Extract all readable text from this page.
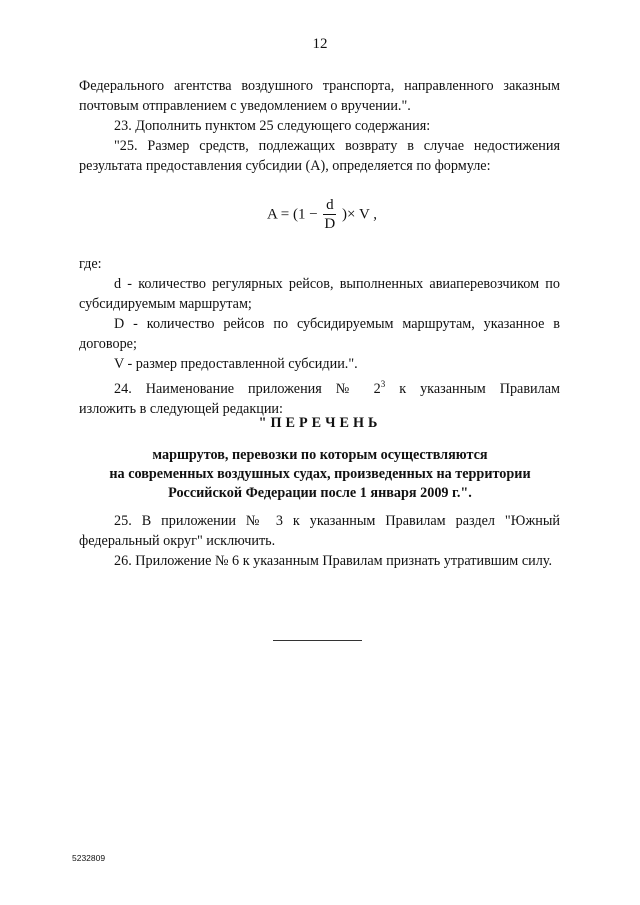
12

Федерального агентства воздушного транспорта, направленного заказным почтовым отправлением с уведомлением о вручении.".

23. Дополнить пунктом 25 следующего содержания:

"25. Размер средств, подлежащих возврату в случае недостижения результата предоставления субсидии (А), определяется по формуле:

$A = (1 - \frac{d}{D}$ )× V ,

где:

d - количество регулярных рейсов, выполненных авиаперевозчиком по субсидируемым маршрутам;

D - количество рейсов по субсидируемым маршрутам, указанное в договоре;

V - размер предоставленной субсидии.".

24. Наименование приложения № $2^3$ к указанным Правилам

изложить в следующей редакции:

"ПЕРЕЧЕНЬ
маршрутов, перевозки по которым осуществляются
на современных воздушных судах, произведенных на территории
Российской Федерации после 1 января 2009 г.".

25. В приложении № 3 к указанным Правилам раздел "Южный федеральный округ" исключить.

26. Приложение № 6 к указанным Правилам признать утратившим силу.

5232809
